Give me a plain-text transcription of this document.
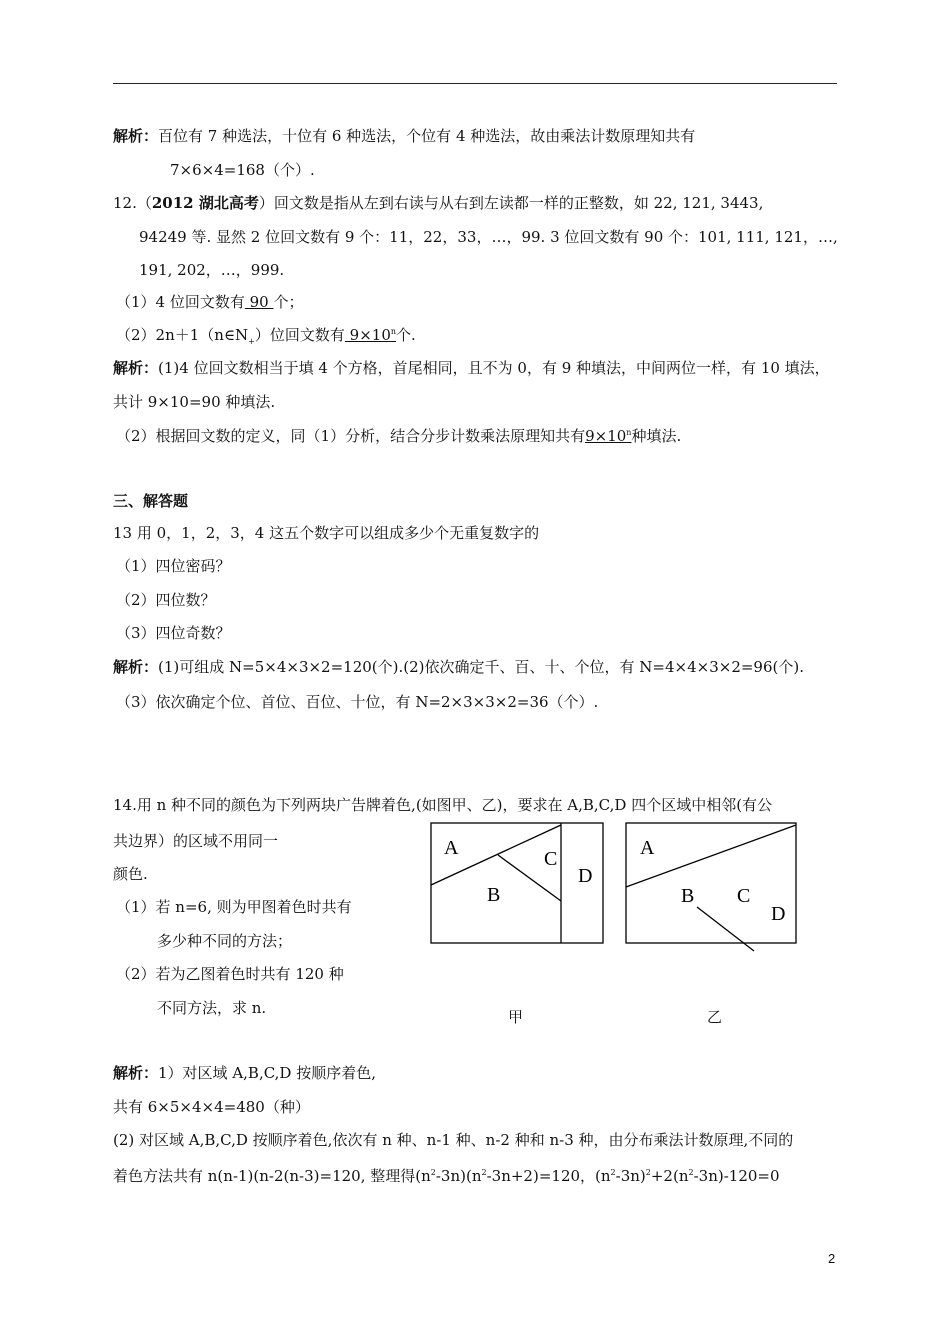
解析：百位有 7 种选法，十位有 6 种选法，个位有 4 种选法，故由乘法计数原理知共有
7×6×4=168（个）.
12.（2012 湖北高考）回文数是指从左到右读与从右到左读都一样的正整数，如 22, 121, 3443,
94249 等. 显然 2 位回文数有 9 个：11，22，33，…，99. 3 位回文数有 90 个：101, 111, 121，…,
191, 202，…，999.
（1）4 位回文数有 90 个；
$(2)2n+1(n\in N_+)$位回文数有 $9\times 10^n$个.
解析：(1)4 位回文数相当于填 4 个方格，首尾相同，且不为 0，有 9 种填法，中间两位一样，有 10 填法，
共计 9×10=90 种填法.
（2）根据回文数的定义，同（1）分析，结合分步计数乘法原理知共有$9\times 10^n$种填法.
三、解答题
13 用 0，1，2，3，4 这五个数字可以组成多少个无重复数字的
（1）四位密码？
（2）四位数？
（3）四位奇数？
解析：(1)可组成 N=5×4×3×2=120(个).(2)依次确定千、百、十、个位，有 N=4×4×3×2=96(个).
（3）依次确定个位、首位、百位、十位，有 N=2×3×3×2=36（个）.
14.用 n 种不同的颜色为下列两块广告牌着色,(如图甲、乙)，要求在 A,B,C,D 四个区域中相邻(有公
共边界）的区域不用同一
颜色.
（1）若 n=6, 则为甲图着色时共有
多少种不同的方法；
（2）若为乙图着色时共有 120 种
不同方法，求 n.
A	C
D
B
A
B C
D
甲	乙
解析：1）对区域 A,B,C,D 按顺序着色,
共有 6×5×4×4=480（种）
(2) 对区域 A,B,C,D 按顺序着色,依次有 n 种、n-1 种、n-2 种和 n-3 种，由分布乘法计数原理,不同的
着色方法共有 n(n-1)(n-2(n-3)=120, 整理得$(n^2-3n)(n^2-3n+2)=120$，$(n^2-3n)^2+2(n^2-3n)-120=0$
2
